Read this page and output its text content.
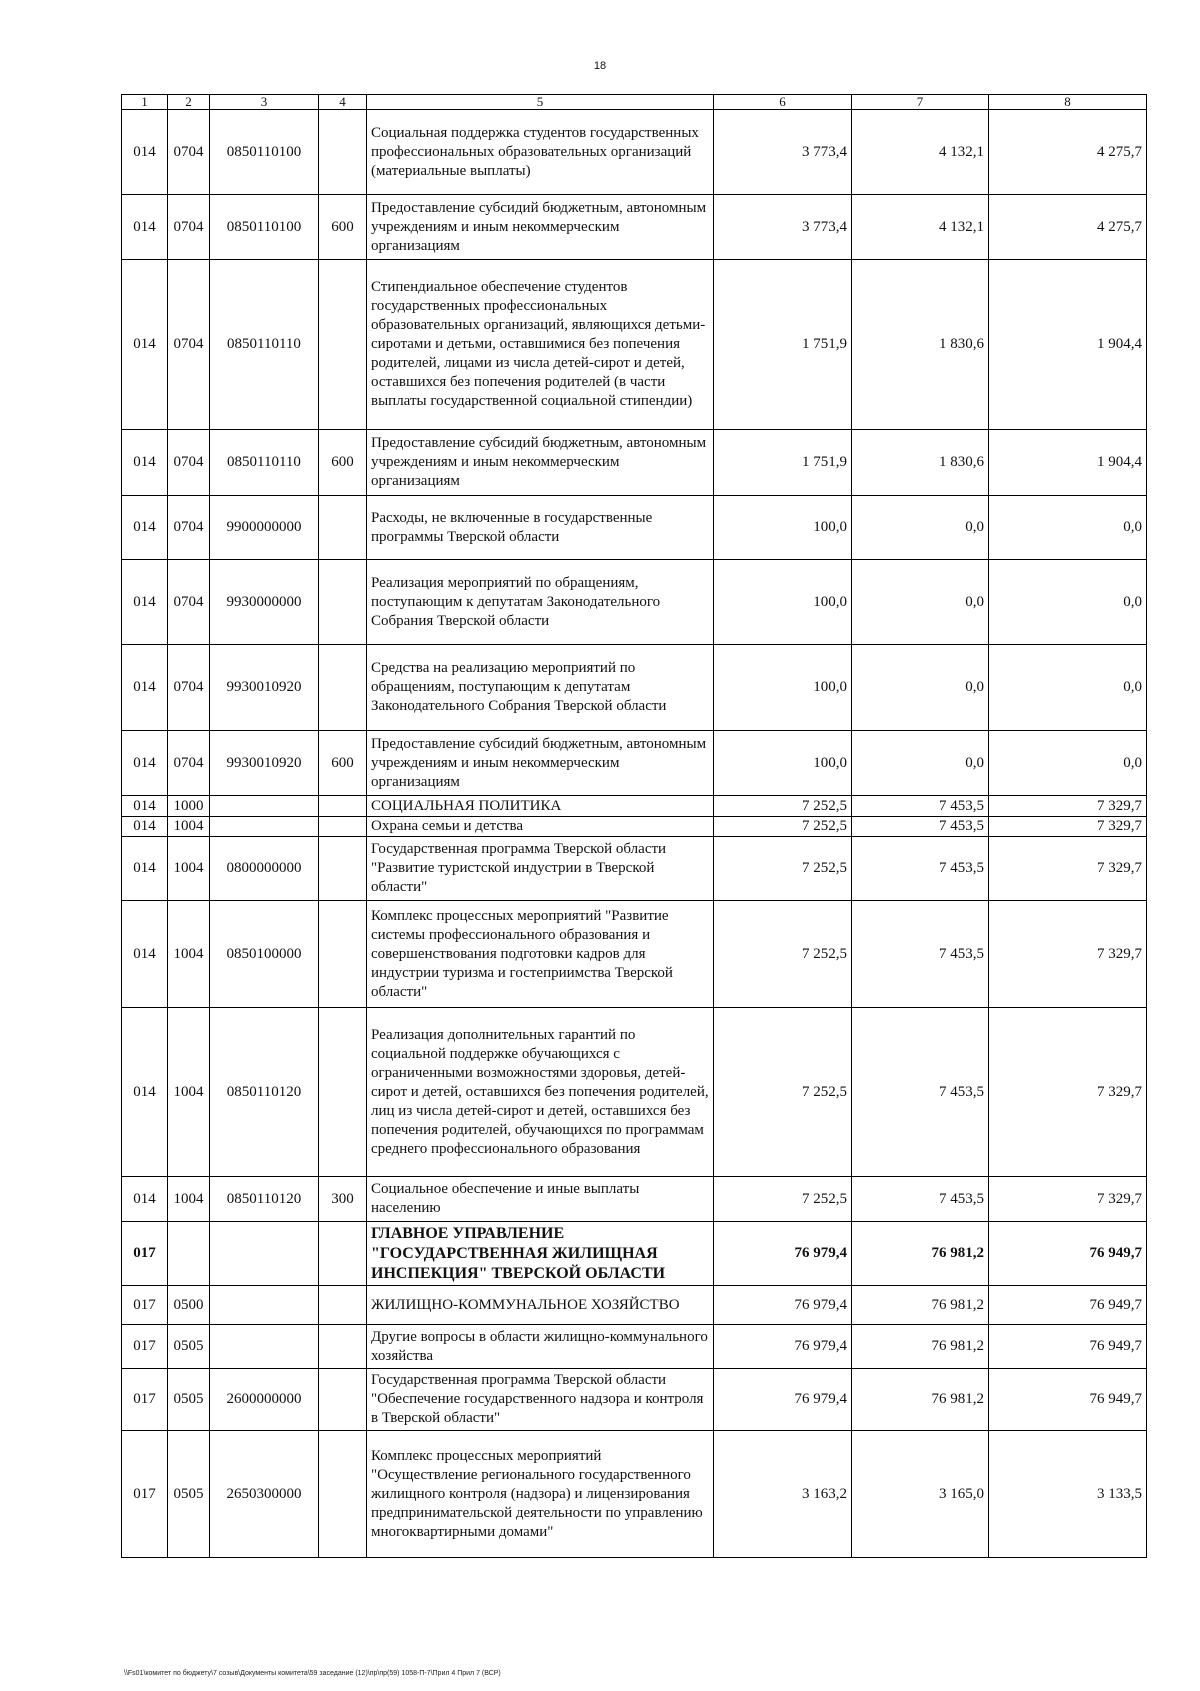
18
1	2	3	4	5	6	7	8
014	0704	0850110100		Социальная поддержка студентов государственных профессиональных образовательных организаций (материальные выплаты)	3 773,4	4 132,1	4 275,7
014	0704	0850110100	600	Предоставление субсидий бюджетным, автономным учреждениям и иным некоммерческим организациям	3 773,4	4 132,1	4 275,7
014	0704	0850110110		Стипендиальное обеспечение студентов государственных профессиональных образовательных организаций, являющихся детьми-сиротами и детьми, оставшимися без попечения родителей, лицами из числа детей-сирот и детей, оставшихся без попечения родителей (в части выплаты государственной социальной стипендии)	1 751,9	1 830,6	1 904,4
014	0704	0850110110	600	Предоставление субсидий бюджетным, автономным учреждениям и иным некоммерческим организациям	1 751,9	1 830,6	1 904,4
014	0704	9900000000		Расходы, не включенные в государственные программы Тверской области	100,0	0,0	0,0
014	0704	9930000000		Реализация мероприятий по обращениям, поступающим к депутатам Законодательного Собрания Тверской области	100,0	0,0	0,0
014	0704	9930010920		Средства на реализацию мероприятий по обращениям, поступающим к депутатам Законодательного Собрания Тверской области	100,0	0,0	0,0
014	0704	9930010920	600	Предоставление субсидий бюджетным, автономным учреждениям и иным некоммерческим организациям	100,0	0,0	0,0
014	1000			СОЦИАЛЬНАЯ ПОЛИТИКА	7 252,5	7 453,5	7 329,7
014	1004			Охрана семьи и детства	7 252,5	7 453,5	7 329,7
014	1004	0800000000		Государственная программа Тверской области "Развитие туристской индустрии в Тверской области"	7 252,5	7 453,5	7 329,7
014	1004	0850100000		Комплекс процессных мероприятий "Развитие системы профессионального образования и совершенствования подготовки кадров для индустрии туризма и гостеприимства Тверской области"	7 252,5	7 453,5	7 329,7
014	1004	0850110120		Реализация дополнительных гарантий по социальной поддержке обучающихся с ограниченными возможностями здоровья, детей-сирот и детей, оставшихся без попечения родителей, лиц из числа детей-сирот и детей, оставшихся без попечения родителей, обучающихся по программам среднего профессионального образования	7 252,5	7 453,5	7 329,7
014	1004	0850110120	300	Социальное обеспечение и иные выплаты населению	7 252,5	7 453,5	7 329,7
017				ГЛАВНОЕ УПРАВЛЕНИЕ "ГОСУДАРСТВЕННАЯ ЖИЛИЩНАЯ ИНСПЕКЦИЯ" ТВЕРСКОЙ ОБЛАСТИ	76 979,4	76 981,2	76 949,7
017	0500			ЖИЛИЩНО-КОММУНАЛЬНОЕ ХОЗЯЙСТВО	76 979,4	76 981,2	76 949,7
017	0505			Другие вопросы в области жилищно-коммунального хозяйства	76 979,4	76 981,2	76 949,7
017	0505	2600000000		Государственная программа Тверской области "Обеспечение государственного надзора и контроля в Тверской области"	76 979,4	76 981,2	76 949,7
017	0505	2650300000		Комплекс процессных мероприятий "Осуществление регионального государственного жилищного контроля (надзора) и лицензирования предпринимательской деятельности по управлению многоквартирными домами"	3 163,2	3 165,0	3 133,5
\\Fs01\комитет по бюджету\7 созыв\Документы комитета\59 заседание (12)\пр\пр(59) 1058-П-7\Прил 4 Прил 7 (ВСР)
